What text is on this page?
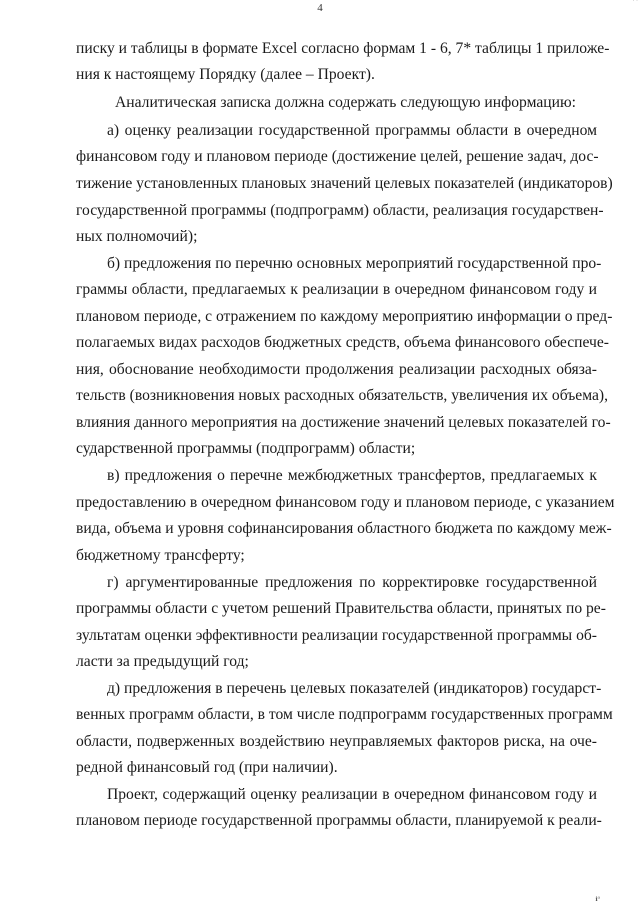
4
· ·
писку и таблицы в формате Excel согласно формам 1 - 6, 7* таблицы 1 приложе-
ния к настоящему Порядку (далее – Проект).
Аналитическая записка должна содержать следующую информацию:
а) оценку реализации государственной программы области в очередном
финансовом году и плановом периоде (достижение целей, решение задач, дос-
тижение установленных плановых значений целевых показателей (индикаторов)
государственной программы (подпрограмм) области, реализация государствен-
ных полномочий);
б) предложения по перечню основных мероприятий государственной про-
граммы области, предлагаемых к реализации в очередном финансовом году и
плановом периоде, с отражением по каждому мероприятию информации о пред-
полагаемых видах расходов бюджетных средств, объема финансового обеспече-
ния, обоснование необходимости продолжения реализации расходных обяза-
тельств (возникновения новых расходных обязательств, увеличения их объема),
влияния данного мероприятия на достижение значений целевых показателей го-
сударственной программы (подпрограмм) области;
в) предложения о перечне межбюджетных трансфертов, предлагаемых к
предоставлению в очередном финансовом году и плановом периоде, с указанием
вида, объема и уровня софинансирования областного бюджета по каждому меж-
бюджетному трансферту;
г) аргументированные предложения по корректировке государственной
программы области с учетом решений Правительства области, принятых по ре-
зультатам оценки эффективности реализации государственной программы об-
ласти за предыдущий год;
д) предложения в перечень целевых показателей (индикаторов) государст-
венных программ области, в том числе подпрограмм государственных программ
области, подверженных воздействию неуправляемых факторов риска, на оче-
редной финансовый год (при наличии).
Проект, содержащий оценку реализации в очередном финансовом году и
плановом периоде государственной программы области, планируемой к реали-
ℹ⁰
